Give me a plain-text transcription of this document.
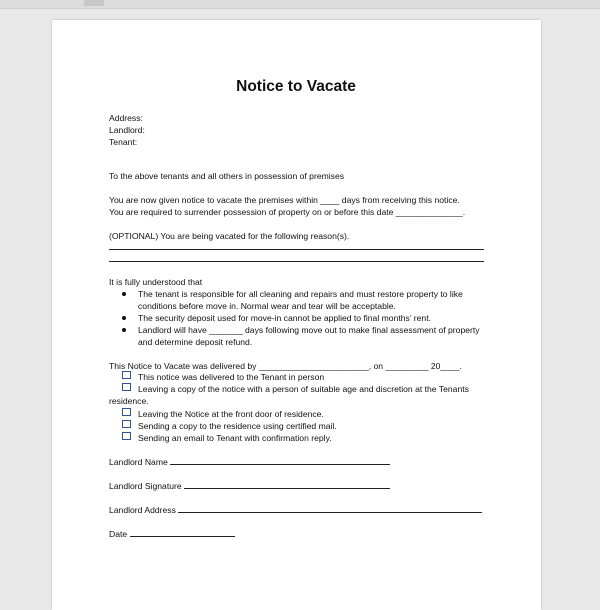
Notice to Vacate
Address:
Landlord:
Tenant:
To the above tenants and all others in possession of premises
You are now given notice to vacate the premises within ____ days from receiving this notice.
You are required to surrender possession of property on or before this date ______________.
(OPTIONAL) You are being vacated for the following reason(s).
It is fully understood that
The tenant is responsible for all cleaning and repairs and must restore property to like conditions before move in. Normal wear and tear will be acceptable.
The security deposit used for move-in cannot be applied to final months’ rent.
Landlord will have _______ days following move out to make final assessment of property and determine deposit refund.
This Notice to Vacate was delivered by _______________________, on _________ 20____.
This notice was delivered to the Tenant in person
Leaving a copy of the notice with a person of suitable age and discretion at the Tenants
residence.
Leaving the Notice at the front door of residence.
Sending a copy to the residence using certified mail.
Sending an email to Tenant with confirmation reply.
Landlord Name
Landlord Signature
Landlord Address
Date
